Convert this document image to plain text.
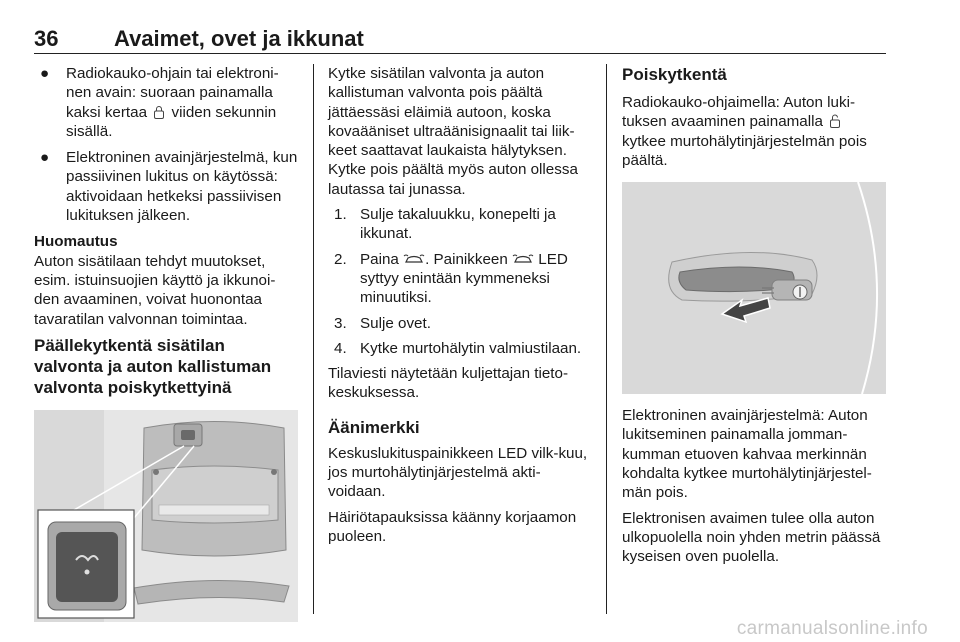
36	Avaimet, ovet ja ikkunat
● Radiokauko-ohjain tai elektroni-nen avain: suoraan painamalla kaksi kertaa  viiden sekunnin sisällä.
● Elektroninen avainjärjestelmä, kun passiivinen lukitus on käytössä: aktivoidaan hetkeksi passiivisen lukituksen jälkeen.
Huomautus
Auton sisätilaan tehdyt muutokset, esim. istuinsuojien käyttö ja ikkunoi-den avaaminen, voivat huonontaa tavaratilan valvonnan toimintaa.
Päällekytkentä sisätilan valvonta ja auton kallistuman valvonta poiskytkettyinä
Kytke sisätilan valvonta ja auton kallistuman valvonta pois päältä jättäessäsi eläimiä autoon, koska kovaääniset ultraäänisignaalit tai liik-keet saattavat laukaista hälytyksen. Kytke pois päältä myös auton ollessa lautassa tai junassa.
1. Sulje takaluukku, konepelti ja ikkunat.
2. Paina . Painikkeen  LED syttyy enintään kymmeneksi minuutiksi.
3. Sulje ovet.
4. Kytke murtohälytin valmiustilaan.
Tilaviesti näytetään kuljettajan tieto-keskuksessa.
Äänimerkki
Keskuslukituspainikkeen LED vilk-kuu, jos murtohälytinjärjestelmä akti-voidaan.
Häiriötapauksissa käänny korjaamon puoleen.
Poiskytkentä
Radiokauko-ohjaimella: Auton luki-tuksen avaaminen painamalla  kytkee murtohälytinjärjestelmän pois päältä.
Elektroninen avainjärjestelmä: Auton lukitseminen painamalla jomman-kumman etuoven kahvaa merkinnän kohdalta kytkee murtohälytinjärjestel-män pois.
Elektronisen avaimen tulee olla auton ulkopuolella noin yhden metrin päässä kyseisen oven puolella.
carmanualsonline.info
